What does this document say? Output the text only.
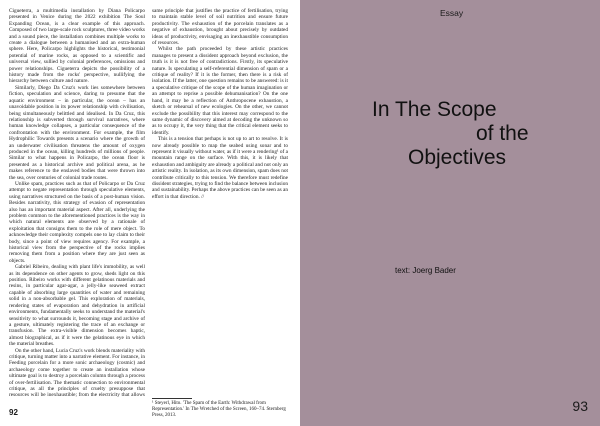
Cigueterra, a multimedia installation by Diana Policarpo presented in Venice during the 2022 exhibition The Soul Expanding Ocean, is a clear example of this approach. Composed of two large-scale rock sculptures, three video works and a sound piece, the installation combines multiple works to create a dialogue between a humanised and an extra-human sphere. Here, Policarpo highlights the historical, testimonial potential of marine rocks, as opposed to a scientific and universal view, sullied by colonial preferences, omissions and power relationships. Cigueterra depicts the possibility of a history made from the rocks' perspective, nullifying the hierarchy between culture and nature.

Similarly, Diego Da Cruz's work lies somewhere between fiction, speculation and science, daring to presume that the aquatic environment – in particular, the ocean – has an unavoidable position in its power relationship with civilisation, being simultaneously belittled and idealised. In Da Cruz, this relationship is subverted through survival narratives, where human knowledge collapses, a particular consequence of the confrontation with the environment. For example, the film Hydrophilic Towards presents a scenario where the growth of an underwater civilisation threatens the amount of oxygen produced in the ocean, killing hundreds of millions of people. Similar to what happens in Policarpo, the ocean floor is presented as a historical archive and political arena, as he makes reference to the enslaved bodies that were thrown into the sea, over centuries of colonial trade routes.

Unlike spam, practices such as that of Policarpo or Da Cruz attempt to negate representation through speculative elements, using narratives structured on the basis of a post-human vision. Besides narrativity, this strategy of evasion of representation also has an important material aspect. After all, underlying the problem common to the aforementioned practices is the way in which natural elements are observed by a rationale of exploitation that consigns them to the role of mere object. To acknowledge their complexity compels one to lay claim to their body, since a point of view requires agency. For example, a historical view from the perspective of the rocks implies removing them from a position where they are just seen as objects.

Gabriel Ribeiro, dealing with plant life's immobility, as well as its dependence on other agents to grow, sheds light on this position. Ribeiro works with different gelatinous materials and resins, in particular agar-agar, a jelly-like seaweed extract capable of absorbing large quantities of water and remaining solid in a non-absorbable gel. This exploration of materials, rendering states of evaporation and dehydration in artificial environments, fundamentally seeks to understand the material's sensitivity to what surrounds it, becoming stage and archive of a gesture, ultimately registering the trace of an exchange or transfusion. The extra-visible dimension becomes haptic, almost biographical, as if it were the gelatinous eye in which the material breathes.

On the other hand, Lucia Cruz's work blends materiality with critique, turning matter into a narrative element. For instance, in Feeding porcelain for a more sonic archaeology (cosmic) and archaeology come together to create an installation whose ultimate goal is to destroy a porcelain column through a process of over-fertilisation. The thematic connection to environmental critique, as all the principles of cruelty presuppose that resources will be inexhaustible; from the electricity that allows

same principle that justifies the practice of fertilisation, trying to maintain stable level of soil nutrition and ensure future productivity. The exhaustion of the porcelain translates as a negative of exhaustion, brought about precisely by outdated ideas of productivity, envisaging an inexhaustible consumption of resources.

Whilst the path proceeded by these artistic practices manages to present a dissident approach beyond exclusion, the truth is it is not free of contradictions. Firstly, its speculative nature. Is speculating a self-referential dimension of spam or a critique of reality? If it is the former, then there is a risk of isolation. If the latter, one question remains to be answered: is it a speculative critique of the scope of the human imagination or an attempt to reprise a possible dehumanisation? On the one hand, it may be a reflection of Anthropocene exhaustion, a sketch or rehearsal of new ecologies. On the other, we cannot exclude the possibility that this interest may correspond to the same dynamic of discovery aimed at decoding the unknown so as to occupy it, the very thing that the critical element seeks to identify.

This is a tension that perhaps is not up to art to resolve. It is now already possible to map the seabed using sonar and to represent it visually without water, as if it were a rendering¹ of a mountain range on the surface. With this, it is likely that exhaustion and ambiguity are already a political and not only an artistic reality. In isolation, as its own dimension, spam does not contribute critically to this tension. We therefore must redefine dissident strategies, trying to find the balance between inclusion and sustainability. Perhaps the above practices can be seen as an effort in that direction. //

¹ Steyerl, Hito. 'The Spam of the Earth: Withdrawal from Representation.' In The Wretched of the Screen, 160–74. Sternberg Press, 2013.
92
Essay
In The Scope
of the
Objectives
text: Joerg Bader
93
